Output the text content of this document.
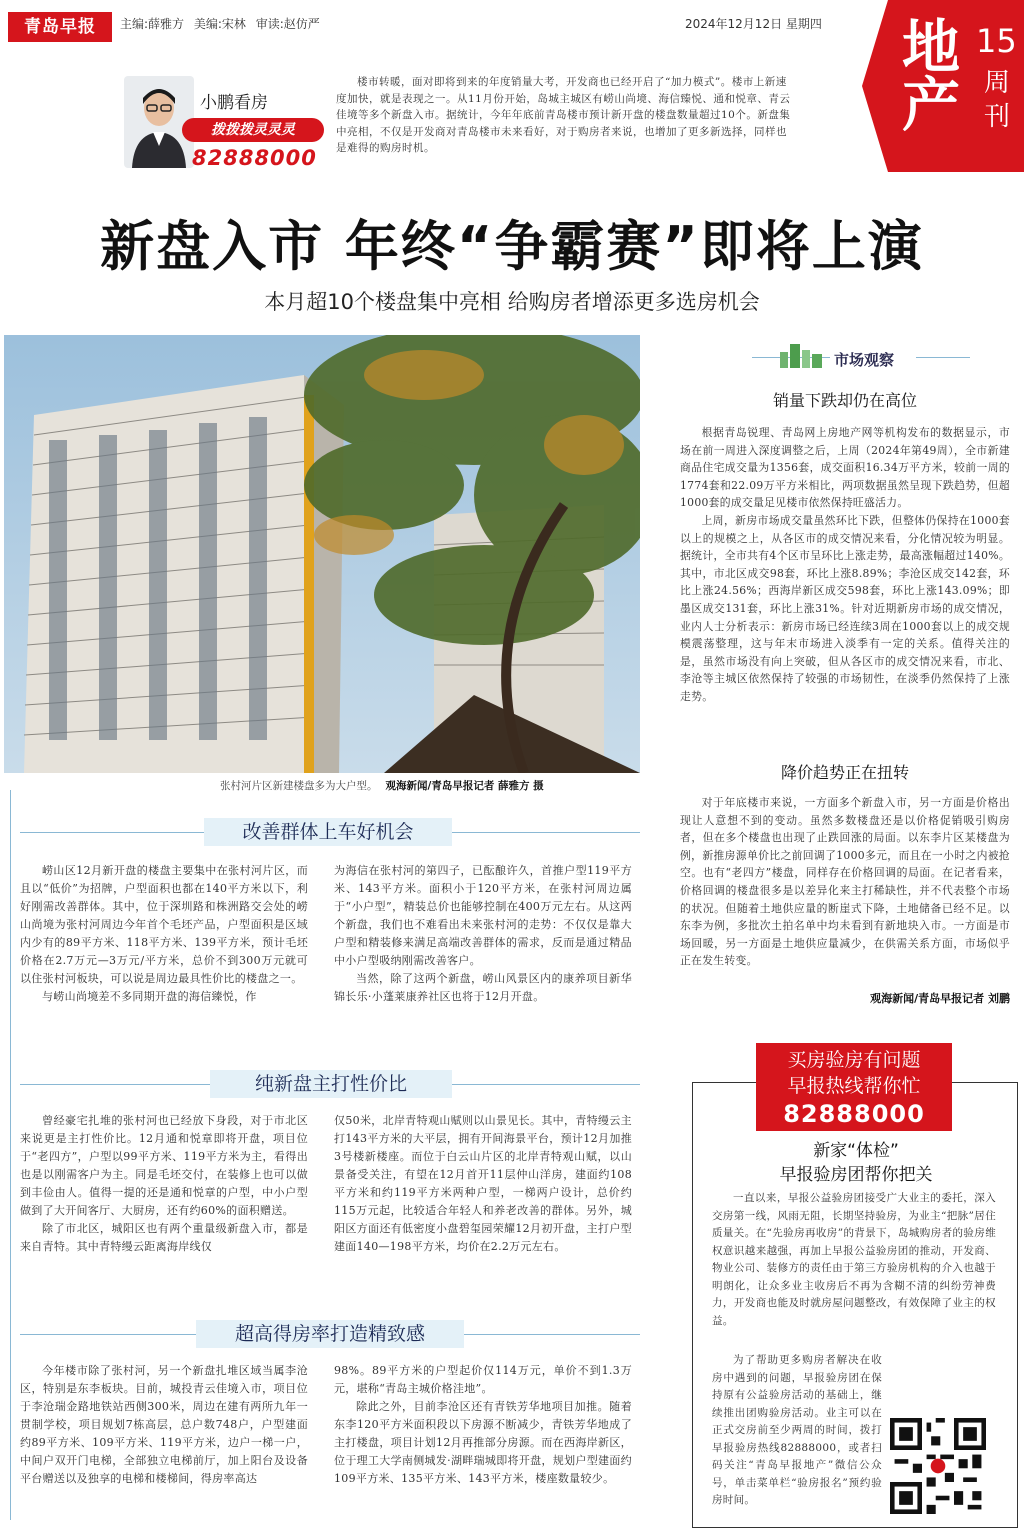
青岛早报	主编:薛雅方 美编:宋林 审读:赵仿严	2024年12月12日 星期四 地产
15
周刊
小鹏看房
拨拨拨灵灵灵
82888000
楼市转暖，面对即将到来的年度销量大考，开发商也已经开启了“加力模式”。楼市上新速度加快，就是表现之一。从11月份开始，岛城主城区有崂山尚境、海信臻悦、通和悦章、青云佳境等多个新盘入市。据统计，今年年底前青岛楼市预计新开盘的楼盘数量超过10个。新盘集中亮相，不仅是开发商对青岛楼市未来看好，对于购房者来说，也增加了更多新选择，同样也是难得的购房时机。
新盘入市 年终“争霸赛”即将上演
本月超10个楼盘集中亮相 给购房者增添更多选房机会
张村河片区新建楼盘多为大户型。 观海新闻/青岛早报记者 薛雅方 摄
改善群体上车好机会

崂山区12月新开盘的楼盘主要集中在张村河片区，而且以“低价”为招牌，户型面积也都在140平方米以下，利好刚需改善群体。其中，位于深圳路和株洲路交会处的崂山尚境为张村河周边今年首个毛坯产品，户型面积是区域内少有的89平方米、118平方米、139平方米，预计毛坯价格在2.7万元—3万元/平方米，总价不到300万元就可以住张村河板块，可以说是周边最具性价比的楼盘之一。

与崂山尚境差不多同期开盘的海信臻悦，作

为海信在张村河的第四子，已酝酿许久，首推户型119平方米、143平方米。面积小于120平方米，在张村河周边属于“小户型”，精装总价也能够控制在400万元左右。从这两个新盘，我们也不难看出未来张村河的走势：不仅仅是靠大户型和精装修来满足高端改善群体的需求，反而是通过精品中小户型吸纳刚需改善客户。

当然，除了这两个新盘，崂山风景区内的康养项目新华锦长乐·小蓬莱康养社区也将于12月开盘。

纯新盘主打性价比

曾经豪宅扎堆的张村河也已经放下身段，对于市北区来说更是主打性价比。12月通和悦章即将开盘，项目位于“老四方”，户型以99平方米、119平方米为主，看得出也是以刚需客户为主。同是毛坯交付，在装修上也可以做到丰俭由人。值得一提的还是通和悦章的户型，中小户型做到了大开间客厅、大厨房，还有约60%的面积赠送。

除了市北区，城阳区也有两个重量级新盘入市，都是来自青特。其中青特缦云距离海岸线仅

仅50米，北岸青特观山赋则以山景见长。其中，青特缦云主打143平方米的大平层，拥有开间海景平台，预计12月加推3号楼新楼座。而位于白云山片区的北岸青特观山赋，以山景备受关注，有望在12月首开11层仲山洋房，建面约108平方米和约119平方米两种户型，一梯两户设计，总价约115万元起，比较适合年轻人和养老改善的群体。另外，城阳区方面还有低密度小盘碧玺园荣耀12月初开盘，主打户型建面140—198平方米，均价在2.2万元左右。

超高得房率打造精致感

今年楼市除了张村河，另一个新盘扎堆区域当属李沧区，特别是东李板块。目前，城投青云佳境入市，项目位于李沧瑞金路地铁站西侧300米，周边在建有两所九年一贯制学校，项目规划7栋高层，总户数748户，户型建面约89平方米、109平方米、119平方米，边户一梯一户，中间户双开门电梯，全部独立电梯前厅，加上阳台及设备平台赠送以及独享的电梯和楼梯间，得房率高达

98%。89平方米的户型起价仅114万元，单价不到1.3万元，堪称“青岛主城价格洼地”。

除此之外，目前李沧区还有青铁芳华地项目加推。随着东李120平方米面积段以下房源不断减少，青铁芳华地成了主打楼盘，项目计划12月再推部分房源。而在西海岸新区，位于理工大学南侧城发·湖畔瑞城即将开盘，规划户型建面约109平方米、135平方米、143平方米，楼座数量较少。

市场观察
销量下跌却仍在高位

根据青岛锐理、青岛网上房地产网等机构发布的数据显示，市场在前一周进入深度调整之后，上周（2024年第49周），全市新建商品住宅成交量为1356套，成交面积16.34万平方米，较前一周的1774套和22.09万平方米相比，两项数据虽然呈现下跌趋势，但超1000套的成交量足见楼市依然保持旺盛活力。

上周，新房市场成交量虽然环比下跌，但整体仍保持在1000套以上的规模之上，从各区市的成交情况来看，分化情况较为明显。据统计，全市共有4个区市呈环比上涨走势，最高涨幅超过140%。其中，市北区成交98套，环比上涨8.89%；李沧区成交142套，环比上涨24.56%；西海岸新区成交598套，环比上涨143.09%；即墨区成交131套，环比上涨31%。针对近期新房市场的成交情况，业内人士分析表示：新房市场已经连续3周在1000套以上的成交规模震荡整理，这与年末市场进入淡季有一定的关系。值得关注的是，虽然市场没有向上突破，但从各区市的成交情况来看，市北、李沧等主城区依然保持了较强的市场韧性，在淡季仍然保持了上涨走势。

降价趋势正在扭转

对于年底楼市来说，一方面多个新盘入市，另一方面是价格出现让人意想不到的变动。虽然多数楼盘还是以价格促销吸引购房者，但在多个楼盘也出现了止跌回涨的局面。以东李片区某楼盘为例，新推房源单价比之前回调了1000多元，而且在一小时之内被抢空。也有“老四方”楼盘，同样存在价格回调的局面。在记者看来，价格回调的楼盘很多是以差异化来主打稀缺性，并不代表整个市场的状况。但随着土地供应量的断崖式下降，土地储备已经不足。以东李为例，多批次土拍名单中均未看到有新地块入市。一方面是市场回暖，另一方面是土地供应量减少，在供需关系方面，市场似乎正在发生转变。

观海新闻/青岛早报记者 刘鹏
买房验房有问题
早报热线帮你忙
82888000
新家“体检”
早报验房团帮你把关

一直以来，早报公益验房团接受广大业主的委托，深入交房第一线，风雨无阻，长期坚持验房，为业主“把脉”居住质量关。在“先验房再收房”的背景下，岛城购房者的验房维权意识越来越强，再加上早报公益验房团的推动，开发商、物业公司、装修方的责任由于第三方验房机构的介入也越于明朗化，让众多业主收房后不再为含糊不清的纠纷劳神费力，开发商也能及时就房屋问题整改，有效保障了业主的权益。

为了帮助更多购房者解决在收房中遇到的问题，早报验房团在保持原有公益验房活动的基础上，继续推出团购验房活动。业主可以在正式交房前至少两周的时间，拨打早报验房热线82888000，或者扫码关注“青岛早报地产”微信公众号，单击菜单栏“验房报名”预约验房时间。
